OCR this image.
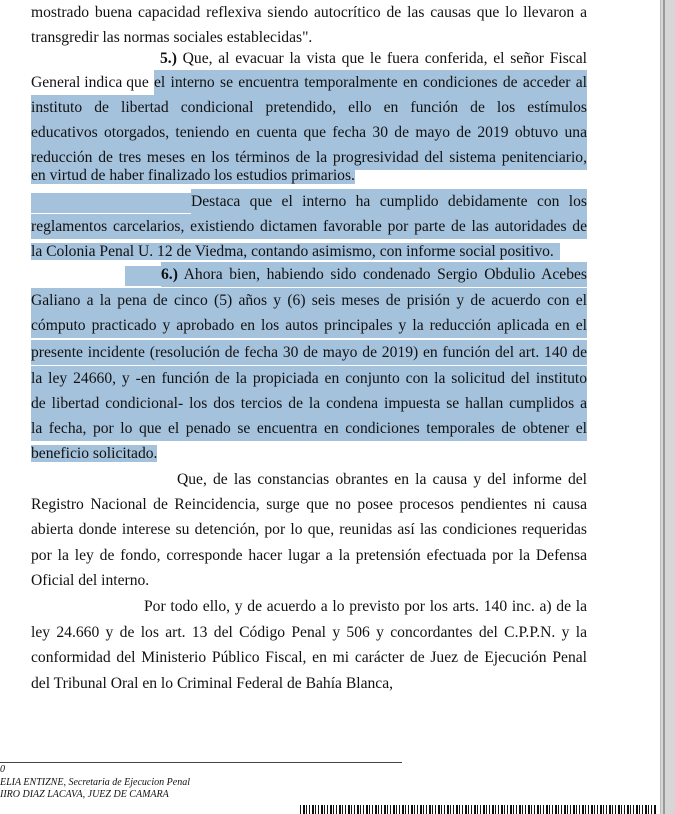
mostrado buena capacidad reflexiva siendo autocrítico de las causas que lo llevaron a
transgredir las normas sociales establecidas".
5.) Que, al evacuar la vista que le fuera conferida, el señor Fiscal
General indica que el interno se encuentra temporalmente en condiciones de acceder al
instituto de libertad condicional pretendido, ello en función de los estímulos
educativos otorgados, teniendo en cuenta que fecha 30 de mayo de 2019 obtuvo una
reducción de tres meses en los términos de la progresividad del sistema penitenciario,
en virtud de haber finalizado los estudios primarios.
Destaca que el interno ha cumplido debidamente con los
reglamentos carcelarios, existiendo dictamen favorable por parte de las autoridades de
la Colonia Penal U. 12 de Viedma, contando asimismo, con informe social positivo.
6.) Ahora bien, habiendo sido condenado Sergio Obdulio Acebes
Galiano a la pena de cinco (5) años y (6) seis meses de prisión y de acuerdo con el
cómputo practicado y aprobado en los autos principales y la reducción aplicada en el
presente incidente (resolución de fecha 30 de mayo de 2019) en función del art. 140 de
la ley 24660, y -en función de la propiciada en conjunto con la solicitud del instituto
de libertad condicional- los dos tercios de la condena impuesta se hallan cumplidos a
la fecha, por lo que el penado se encuentra en condiciones temporales de obtener el
beneficio solicitado.
Que, de las constancias obrantes en la causa y del informe del
Registro Nacional de Reincidencia, surge que no posee procesos pendientes ni causa
abierta donde interese su detención, por lo que, reunidas así las condiciones requeridas
por la ley de fondo, corresponde hacer lugar a la pretensión efectuada por la Defensa
Oficial del interno.
Por todo ello, y de acuerdo a lo previsto por los arts. 140 inc. a) de la
ley 24.660 y de los art. 13 del Código Penal y 506 y concordantes del C.P.P.N. y la
conformidad del Ministerio Público Fiscal, en mi carácter de Juez de Ejecución Penal
del Tribunal Oral en lo Criminal Federal de Bahía Blanca,
0
ELIA ENTIZNE, Secretaria de Ejecucion Penal
IIRO DIAZ LACAVA, JUEZ DE CAMARA
